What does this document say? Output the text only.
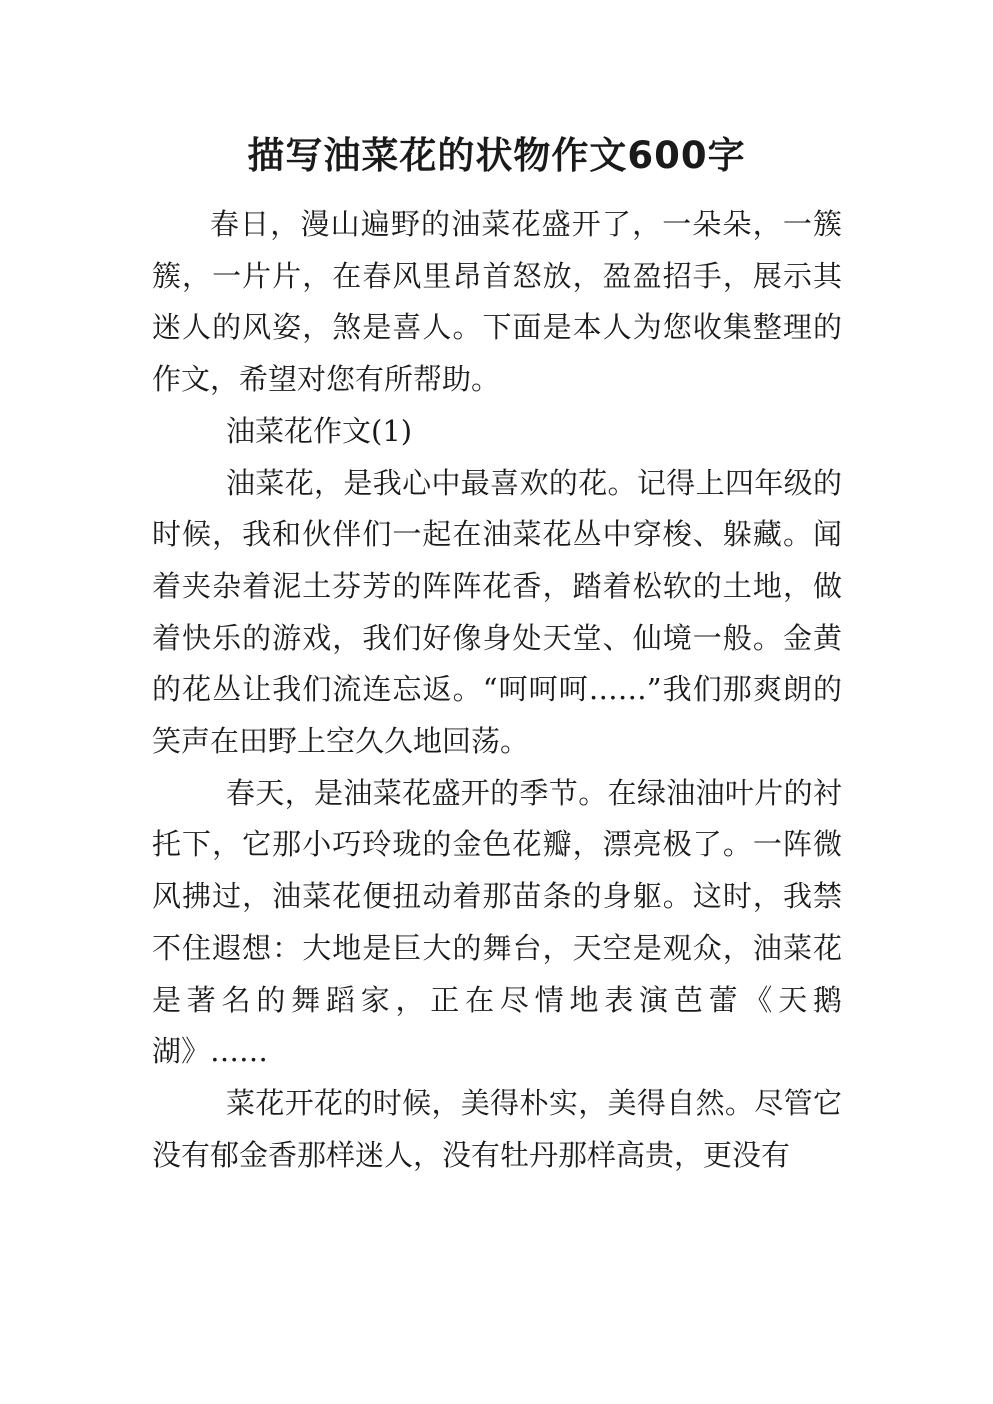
描写油菜花的状物作文600字

春日，漫山遍野的油菜花盛开了，一朵朵，一簇簇，一片片，在春风里昂首怒放，盈盈招手，展示其迷人的风姿，煞是喜人。下面是本人为您收集整理的作文，希望对您有所帮助。

油菜花作文(1)

油菜花，是我心中最喜欢的花。记得上四年级的时候，我和伙伴们一起在油菜花丛中穿梭、躲藏。闻着夹杂着泥土芬芳的阵阵花香，踏着松软的土地，做着快乐的游戏，我们好像身处天堂、仙境一般。金黄的花丛让我们流连忘返。“呵呵呵……”我们那爽朗的笑声在田野上空久久地回荡。

春天，是油菜花盛开的季节。在绿油油叶片的衬托下，它那小巧玲珑的金色花瓣，漂亮极了。一阵微风拂过，油菜花便扭动着那苗条的身躯。这时，我禁不住遐想：大地是巨大的舞台，天空是观众，油菜花是著名的舞蹈家，正在尽情地表演芭蕾《天鹅湖》……

菜花开花的时候，美得朴实，美得自然。尽管它没有郁金香那样迷人，没有牡丹那样高贵，更没有
